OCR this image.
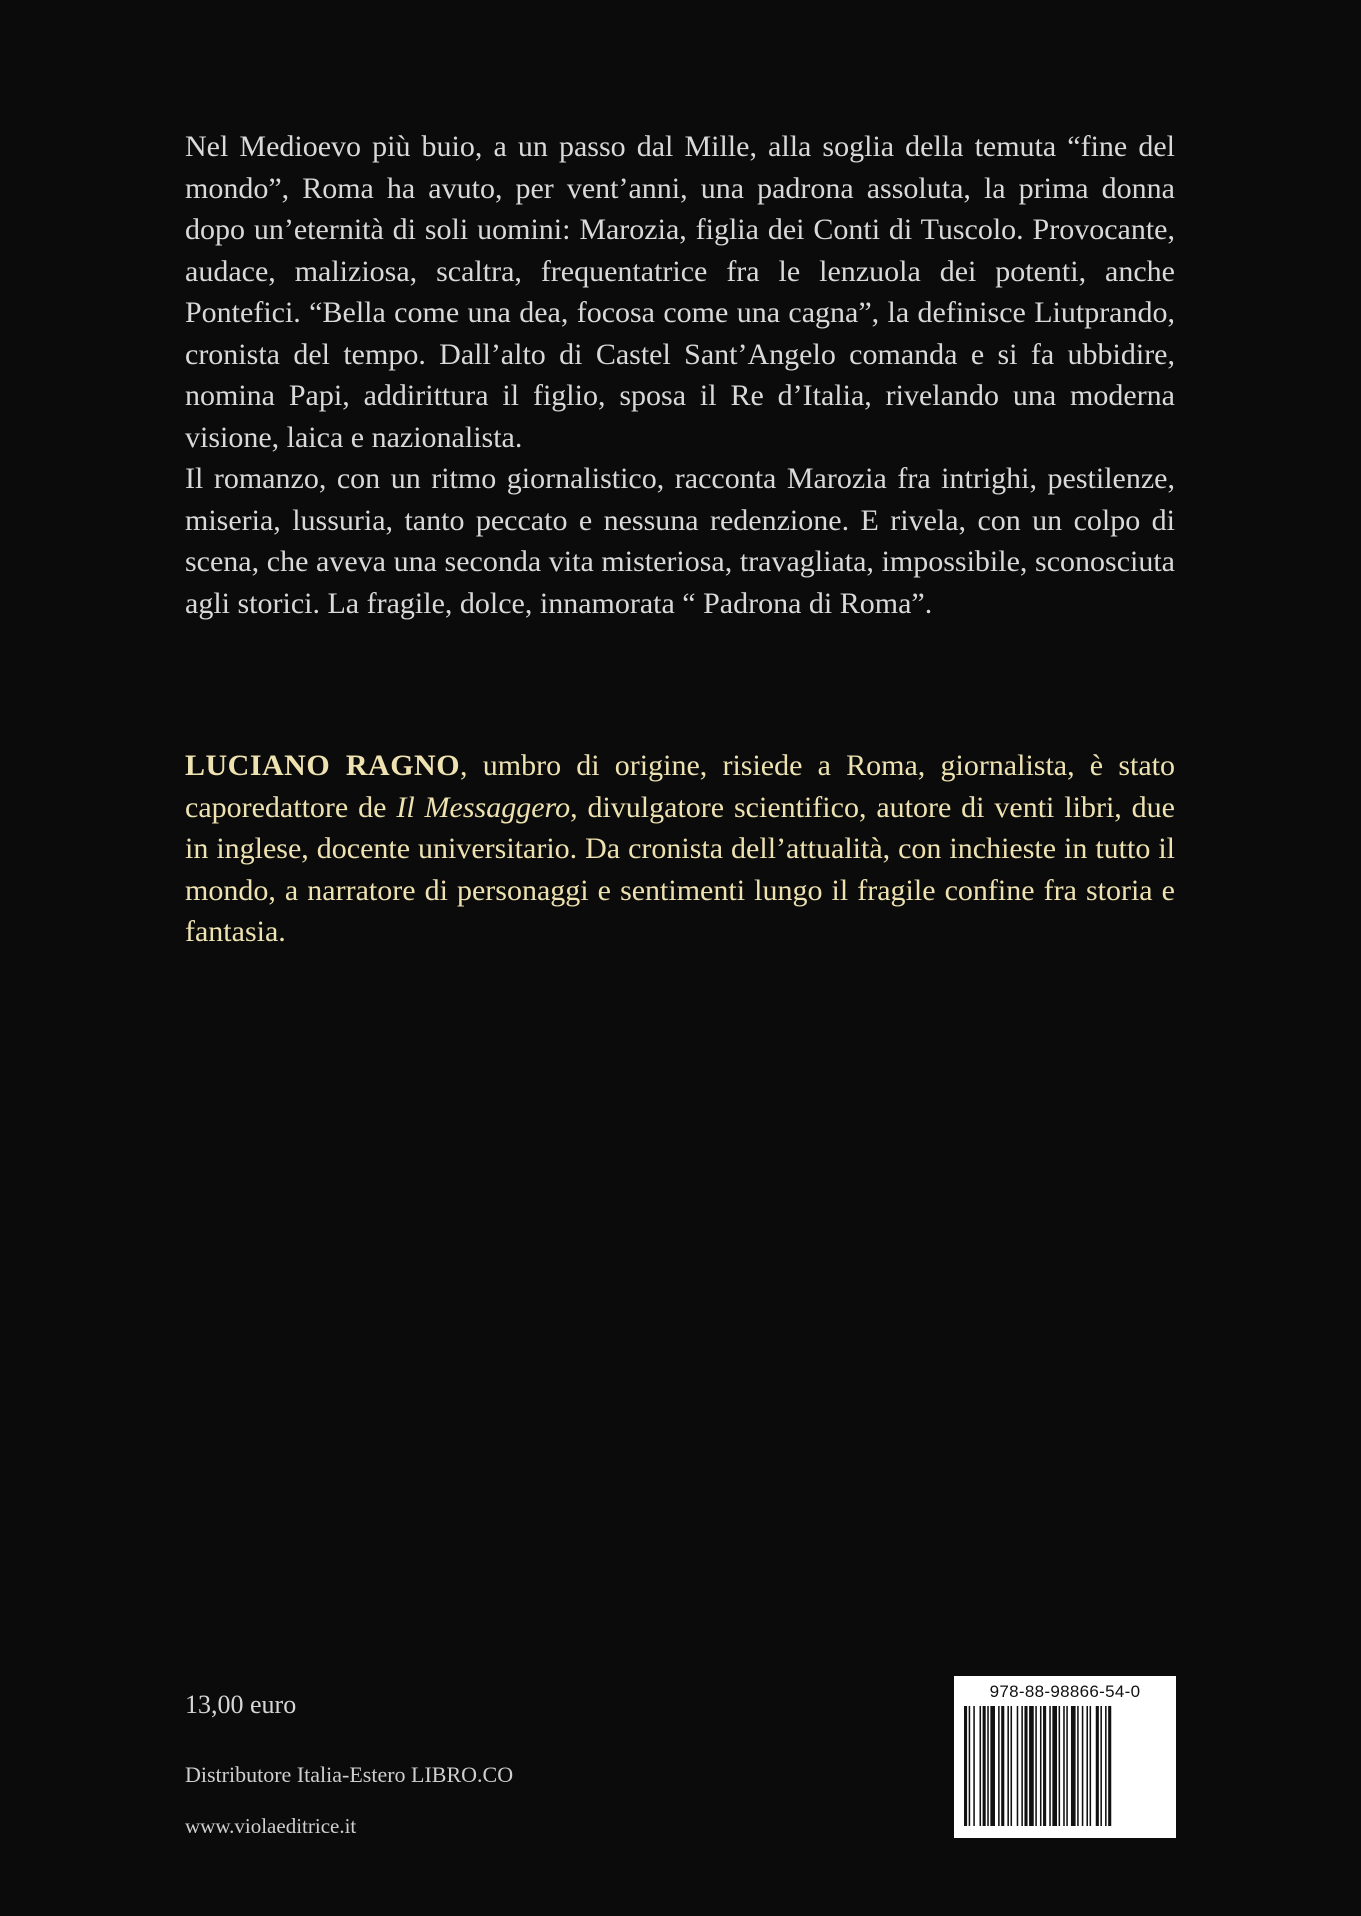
Nel Medioevo più buio, a un passo dal Mille, alla soglia della temuta “fine del mondo”, Roma ha avuto, per vent’anni, una padrona assoluta, la prima donna dopo un’eternità di soli uomini: Marozia, figlia dei Conti di Tuscolo. Provocante, audace, maliziosa, scaltra, frequentatrice fra le lenzuola dei potenti, anche Pontefici. “Bella come una dea, focosa come una cagna”, la definisce Liutprando, cronista del tempo. Dall’alto di Castel Sant’Angelo comanda e si fa ubbidire, nomina Papi, addirittura il figlio, sposa il Re d’Italia, rivelando una moderna visione, laica e nazionalista.

Il romanzo, con un ritmo giornalistico, racconta Marozia fra intrighi, pestilenze, miseria, lussuria, tanto peccato e nessuna redenzione. E rivela, con un colpo di scena, che aveva una seconda vita misteriosa, travagliata, impossibile, sconosciuta agli storici. La fragile, dolce, innamorata “ Padrona di Roma”.

LUCIANO RAGNO, umbro di origine, risiede a Roma, giornalista, è stato caporedattore de Il Messaggero, divulgatore scientifico, autore di venti libri, due in inglese, docente universitario. Da cronista dell’attualità, con inchieste in tutto il mondo, a narratore di personaggi e sentimenti lungo il fragile confine fra storia e fantasia.
13,00 euro
Distributore Italia-Estero LIBRO.CO
www.violaeditrice.it
978-88-98866-54-0
